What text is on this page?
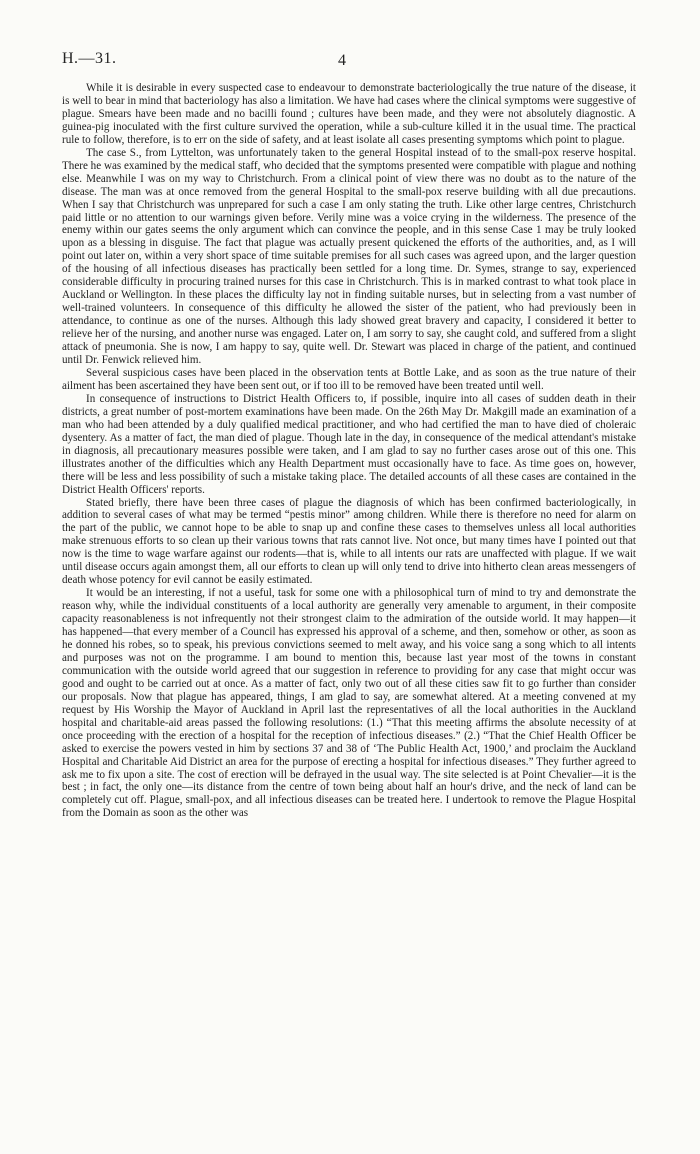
H.—31.	4

While it is desirable in every suspected case to endeavour to demonstrate bacteriologically the true nature of the disease, it is well to bear in mind that bacteriology has also a limitation. We have had cases where the clinical symptoms were suggestive of plague. Smears have been made and no bacilli found ; cultures have been made, and they were not absolutely diagnostic. A guinea-pig inoculated with the first culture survived the operation, while a sub-culture killed it in the usual time. The practical rule to follow, therefore, is to err on the side of safety, and at least isolate all cases presenting symptoms which point to plague.

The case S., from Lyttelton, was unfortunately taken to the general Hospital instead of to the small-pox reserve hospital. There he was examined by the medical staff, who decided that the symptoms presented were compatible with plague and nothing else. Meanwhile I was on my way to Christchurch. From a clinical point of view there was no doubt as to the nature of the disease. The man was at once removed from the general Hospital to the small-pox reserve building with all due precautions. When I say that Christchurch was unprepared for such a case I am only stating the truth. Like other large centres, Christchurch paid little or no attention to our warnings given before. Verily mine was a voice crying in the wilderness. The presence of the enemy within our gates seems the only argument which can convince the people, and in this sense Case 1 may be truly looked upon as a blessing in disguise. The fact that plague was actually present quickened the efforts of the authorities, and, as I will point out later on, within a very short space of time suitable premises for all such cases was agreed upon, and the larger question of the housing of all infectious diseases has practically been settled for a long time. Dr. Symes, strange to say, experienced considerable difficulty in procuring trained nurses for this case in Christchurch. This is in marked contrast to what took place in Auckland or Wellington. In these places the difficulty lay not in finding suitable nurses, but in selecting from a vast number of well-trained volunteers. In consequence of this difficulty he allowed the sister of the patient, who had previously been in attendance, to continue as one of the nurses. Although this lady showed great bravery and capacity, I considered it better to relieve her of the nursing, and another nurse was engaged. Later on, I am sorry to say, she caught cold, and suffered from a slight attack of pneumonia. She is now, I am happy to say, quite well. Dr. Stewart was placed in charge of the patient, and continued until Dr. Fenwick relieved him.

Several suspicious cases have been placed in the observation tents at Bottle Lake, and as soon as the true nature of their ailment has been ascertained they have been sent out, or if too ill to be removed have been treated until well.

In consequence of instructions to District Health Officers to, if possible, inquire into all cases of sudden death in their districts, a great number of post-mortem examinations have been made. On the 26th May Dr. Makgill made an examination of a man who had been attended by a duly qualified medical practitioner, and who had certified the man to have died of choleraic dysentery. As a matter of fact, the man died of plague. Though late in the day, in consequence of the medical attendant's mistake in diagnosis, all precautionary measures possible were taken, and I am glad to say no further cases arose out of this one. This illustrates another of the difficulties which any Health Department must occasionally have to face. As time goes on, however, there will be less and less possibility of such a mistake taking place. The detailed accounts of all these cases are contained in the District Health Officers' reports.

Stated briefly, there have been three cases of plague the diagnosis of which has been confirmed bacteriologically, in addition to several cases of what may be termed “pestis minor” among children. While there is therefore no need for alarm on the part of the public, we cannot hope to be able to snap up and confine these cases to themselves unless all local authorities make strenuous efforts to so clean up their various towns that rats cannot live. Not once, but many times have I pointed out that now is the time to wage warfare against our rodents—that is, while to all intents our rats are unaffected with plague. If we wait until disease occurs again amongst them, all our efforts to clean up will only tend to drive into hitherto clean areas messengers of death whose potency for evil cannot be easily estimated.

It would be an interesting, if not a useful, task for some one with a philosophical turn of mind to try and demonstrate the reason why, while the individual constituents of a local authority are generally very amenable to argument, in their composite capacity reasonableness is not infrequently not their strongest claim to the admiration of the outside world. It may happen—it has happened—that every member of a Council has expressed his approval of a scheme, and then, somehow or other, as soon as he donned his robes, so to speak, his previous convictions seemed to melt away, and his voice sang a song which to all intents and purposes was not on the programme. I am bound to mention this, because last year most of the towns in constant communication with the outside world agreed that our suggestion in reference to providing for any case that might occur was good and ought to be carried out at once. As a matter of fact, only two out of all these cities saw fit to go further than consider our proposals. Now that plague has appeared, things, I am glad to say, are somewhat altered. At a meeting convened at my request by His Worship the Mayor of Auckland in April last the representatives of all the local authorities in the Auckland hospital and charitable-aid areas passed the following resolutions: (1.) “That this meeting affirms the absolute necessity of at once proceeding with the erection of a hospital for the reception of infectious diseases.” (2.) “That the Chief Health Officer be asked to exercise the powers vested in him by sections 37 and 38 of ‘The Public Health Act, 1900,’ and proclaim the Auckland Hospital and Charitable Aid District an area for the purpose of erecting a hospital for infectious diseases.” They further agreed to ask me to fix upon a site. The cost of erection will be defrayed in the usual way. The site selected is at Point Chevalier—it is the best ; in fact, the only one—its distance from the centre of town being about half an hour's drive, and the neck of land can be completely cut off. Plague, small-pox, and all infectious diseases can be treated here. I undertook to remove the Plague Hospital from the Domain as soon as the other was
